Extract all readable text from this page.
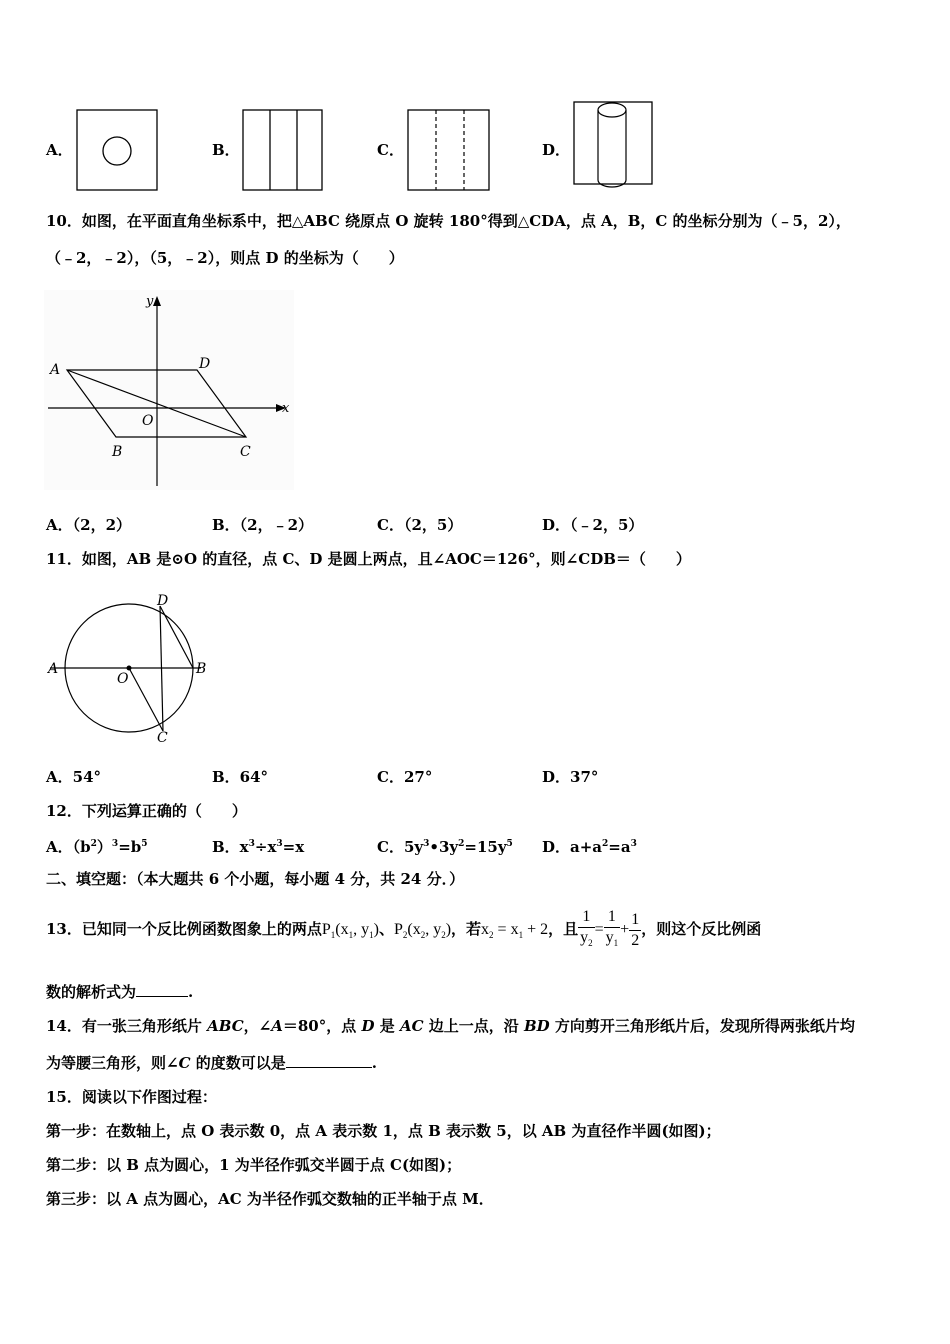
A．	B．	C．	D．
10．如图，在平面直角坐标系中，把△ABC 绕原点 O 旋转 180°得到△CDA，点 A，B，C 的坐标分别为（﹣5，2），
（﹣2，﹣2），（5，﹣2），则点 D 的坐标为（　　）
A	D
B	C
O
x
y
A．（2，2）	B．（2，﹣2）	C．（2，5）	D．（﹣2，5）
11．如图，AB 是⊙O 的直径，点 C、D 是圆上两点，且∠AOC＝126°，则∠CDB＝（　　）
A	B
C
D
O
A．54°	B．64°	C．27°	D．37°
12．下列运算正确的（　　）
A．$(b^2)^3=b^5$	B．$x^3\div x^3=x$	C．$5y^3•3y^2=15y^5$ D．$a+a^2=a^3$
二、填空题：（本大题共 6 个小题，每小题 4 分，共 24 分．）
13．已知同一个反比例函数图象上的两点$P_1(x_1$, $y_1$)、$P_2(x_2$, $y_2$)，若$x_2 = x_1 + 2$，且 $\frac{1}{y_2} = \frac{1}{y_1} + \frac{1}{2}$ ，则这个反比例函
数的解析式为	.
14．有一张三角形纸片 ABC，∠A＝80°，点 D 是 AC 边上一点，沿 BD 方向剪开三角形纸片后，发现所得两张纸片均
为等腰三角形，则∠C 的度数可以是	.
15．阅读以下作图过程：
第一步：在数轴上，点 O 表示数 0，点 A 表示数 1，点 B 表示数 5，以 AB 为直径作半圆(如图)；
第二步：以 B 点为圆心，1 为半径作弧交半圆于点 C(如图)；
第三步：以 A 点为圆心，AC 为半径作弧交数轴的正半轴于点 M．
